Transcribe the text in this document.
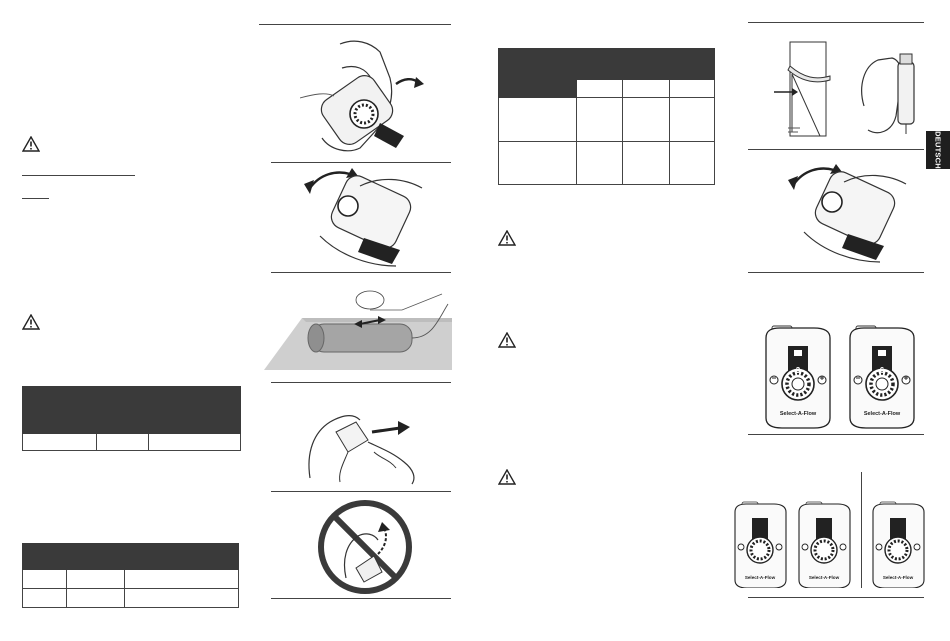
3	6
Select-A-Flow	Select-A-Flow
Select-A-Flow	Select-A-Flow	Select-A-Flow
DEUTSCH
